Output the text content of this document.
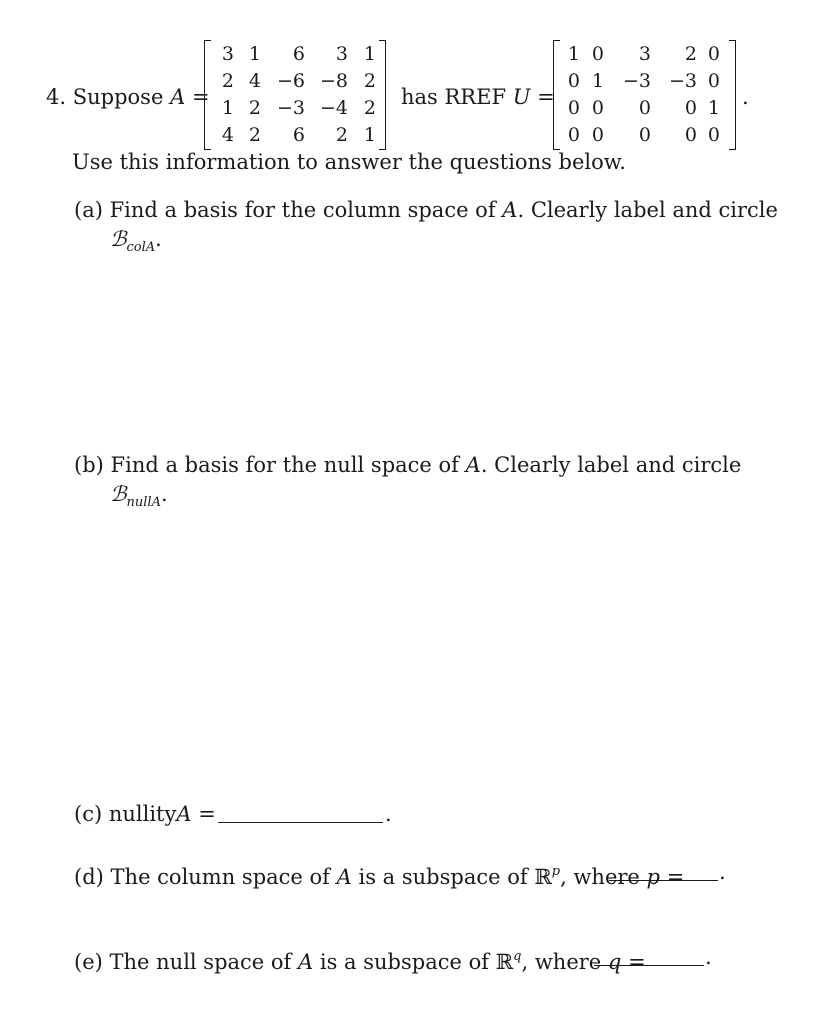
4. Suppose A =
3 1	6	3 1
2 4 −6 −8 2
1 2 −3 −4 2
4 2	6	2 1
has RREF U =
1 0	3	2 0
0 1 −3 −3 0
0 0	0	0 1
0 0	0	0 0
.
Use this information to answer the questions below.
(a) Find a basis for the column space of A. Clearly label and circle
ℬ$_{colA}$.
(b) Find a basis for the null space of A. Clearly label and circle
ℬ$_{nullA}$.
(c) nullityA =	.
(d) The column space of A is a subspace of ℝ$^p$, where p = .
(e) The null space of A is a subspace of ℝ$^q$, where q =	.
